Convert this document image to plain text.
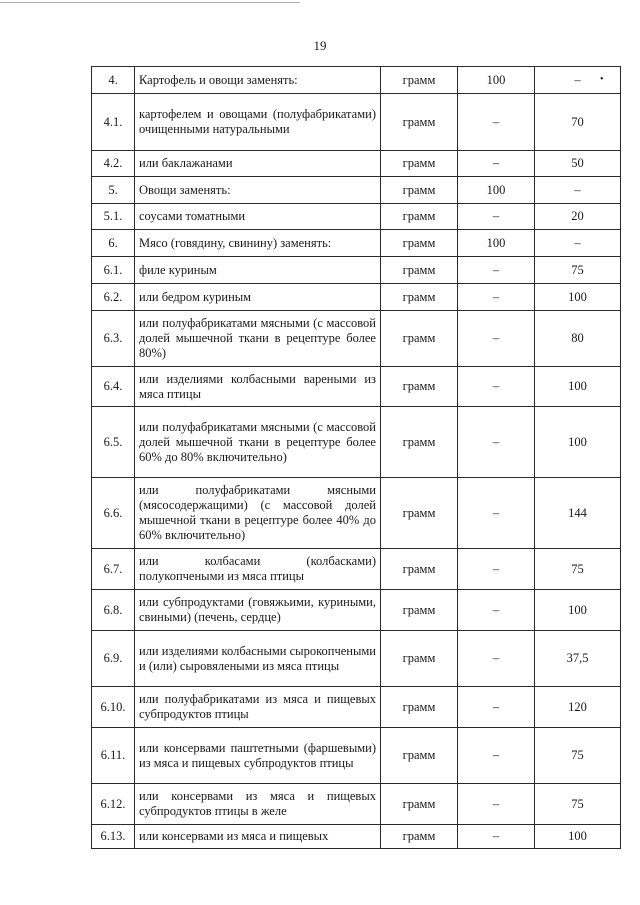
19
•
4.	Картофель и овощи заменять:	грамм	100	–
4.1.	картофелем и овощами (полуфабрикатами) очищенными натуральными	грамм	–	70
4.2.	или баклажанами	грамм	–	50
5.	Овощи заменять:	грамм	100	–
5.1.	соусами томатными	грамм	–	20
6.	Мясо (говядину, свинину) заменять:	грамм	100	–
6.1.	филе куриным	грамм	–	75
6.2.	или бедром куриным	грамм	–	100
6.3.	или полуфабрикатами мясными (с массовой долей мышечной ткани в рецептуре более 80%)	грамм	–	80
6.4.	или изделиями колбасными вареными из мяса птицы	грамм	–	100
6.5.	или полуфабрикатами мясными (с массовой долей мышечной ткани в рецептуре более 60% до 80% включительно)	грамм	–	100
6.6.	или полуфабрикатами мясными (мясосодержащими) (с массовой долей мышечной ткани в рецептуре более 40% до 60% включительно)	грамм	–	144
6.7.	или колбасами (колбасками) полукопчеными из мяса птицы	грамм	–	75
6.8.	или субпродуктами (говяжьими, куриными, свиными) (печень, сердце)	грамм	–	100
6.9.	или изделиями колбасными сырокопчеными и (или) сыровялеными из мяса птицы	грамм	–	37,5
6.10.	или полуфабрикатами из мяса и пищевых субпродуктов птицы	грамм	–	120
6.11.	или консервами паштетными (фаршевыми) из мяса и пищевых субпродуктов птицы	грамм	–	75
6.12.	или консервами из мяса и пищевых субпродуктов птицы в желе	грамм	–	75
6.13.	или консервами из мяса и пищевых	грамм	–	100
